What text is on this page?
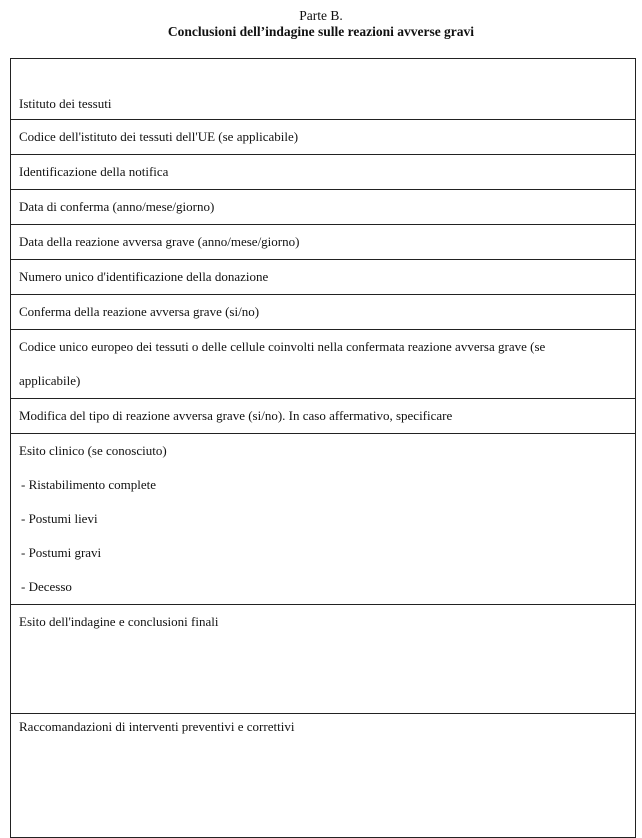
Parte B.
Conclusioni dell’indagine sulle reazioni avverse gravi
Istituto dei tessuti
Codice dell'istituto dei tessuti dell'UE (se applicabile)
Identificazione della notifica
Data di conferma (anno/mese/giorno)
Data della reazione avversa grave (anno/mese/giorno)
Numero unico d'identificazione della donazione
Conferma della reazione avversa grave (si/no)

Codice unico europeo dei tessuti o delle cellule coinvolti nella confermata reazione avversa grave (se
applicabile)

Modifica del tipo di reazione avversa grave (si/no). In caso affermativo, specificare

Esito clinico (se conosciuto)
- Ristabilimento complete
- Postumi lievi
- Postumi gravi
- Decesso

Esito dell'indagine e conclusioni finali
Raccomandazioni di interventi preventivi e correttivi
